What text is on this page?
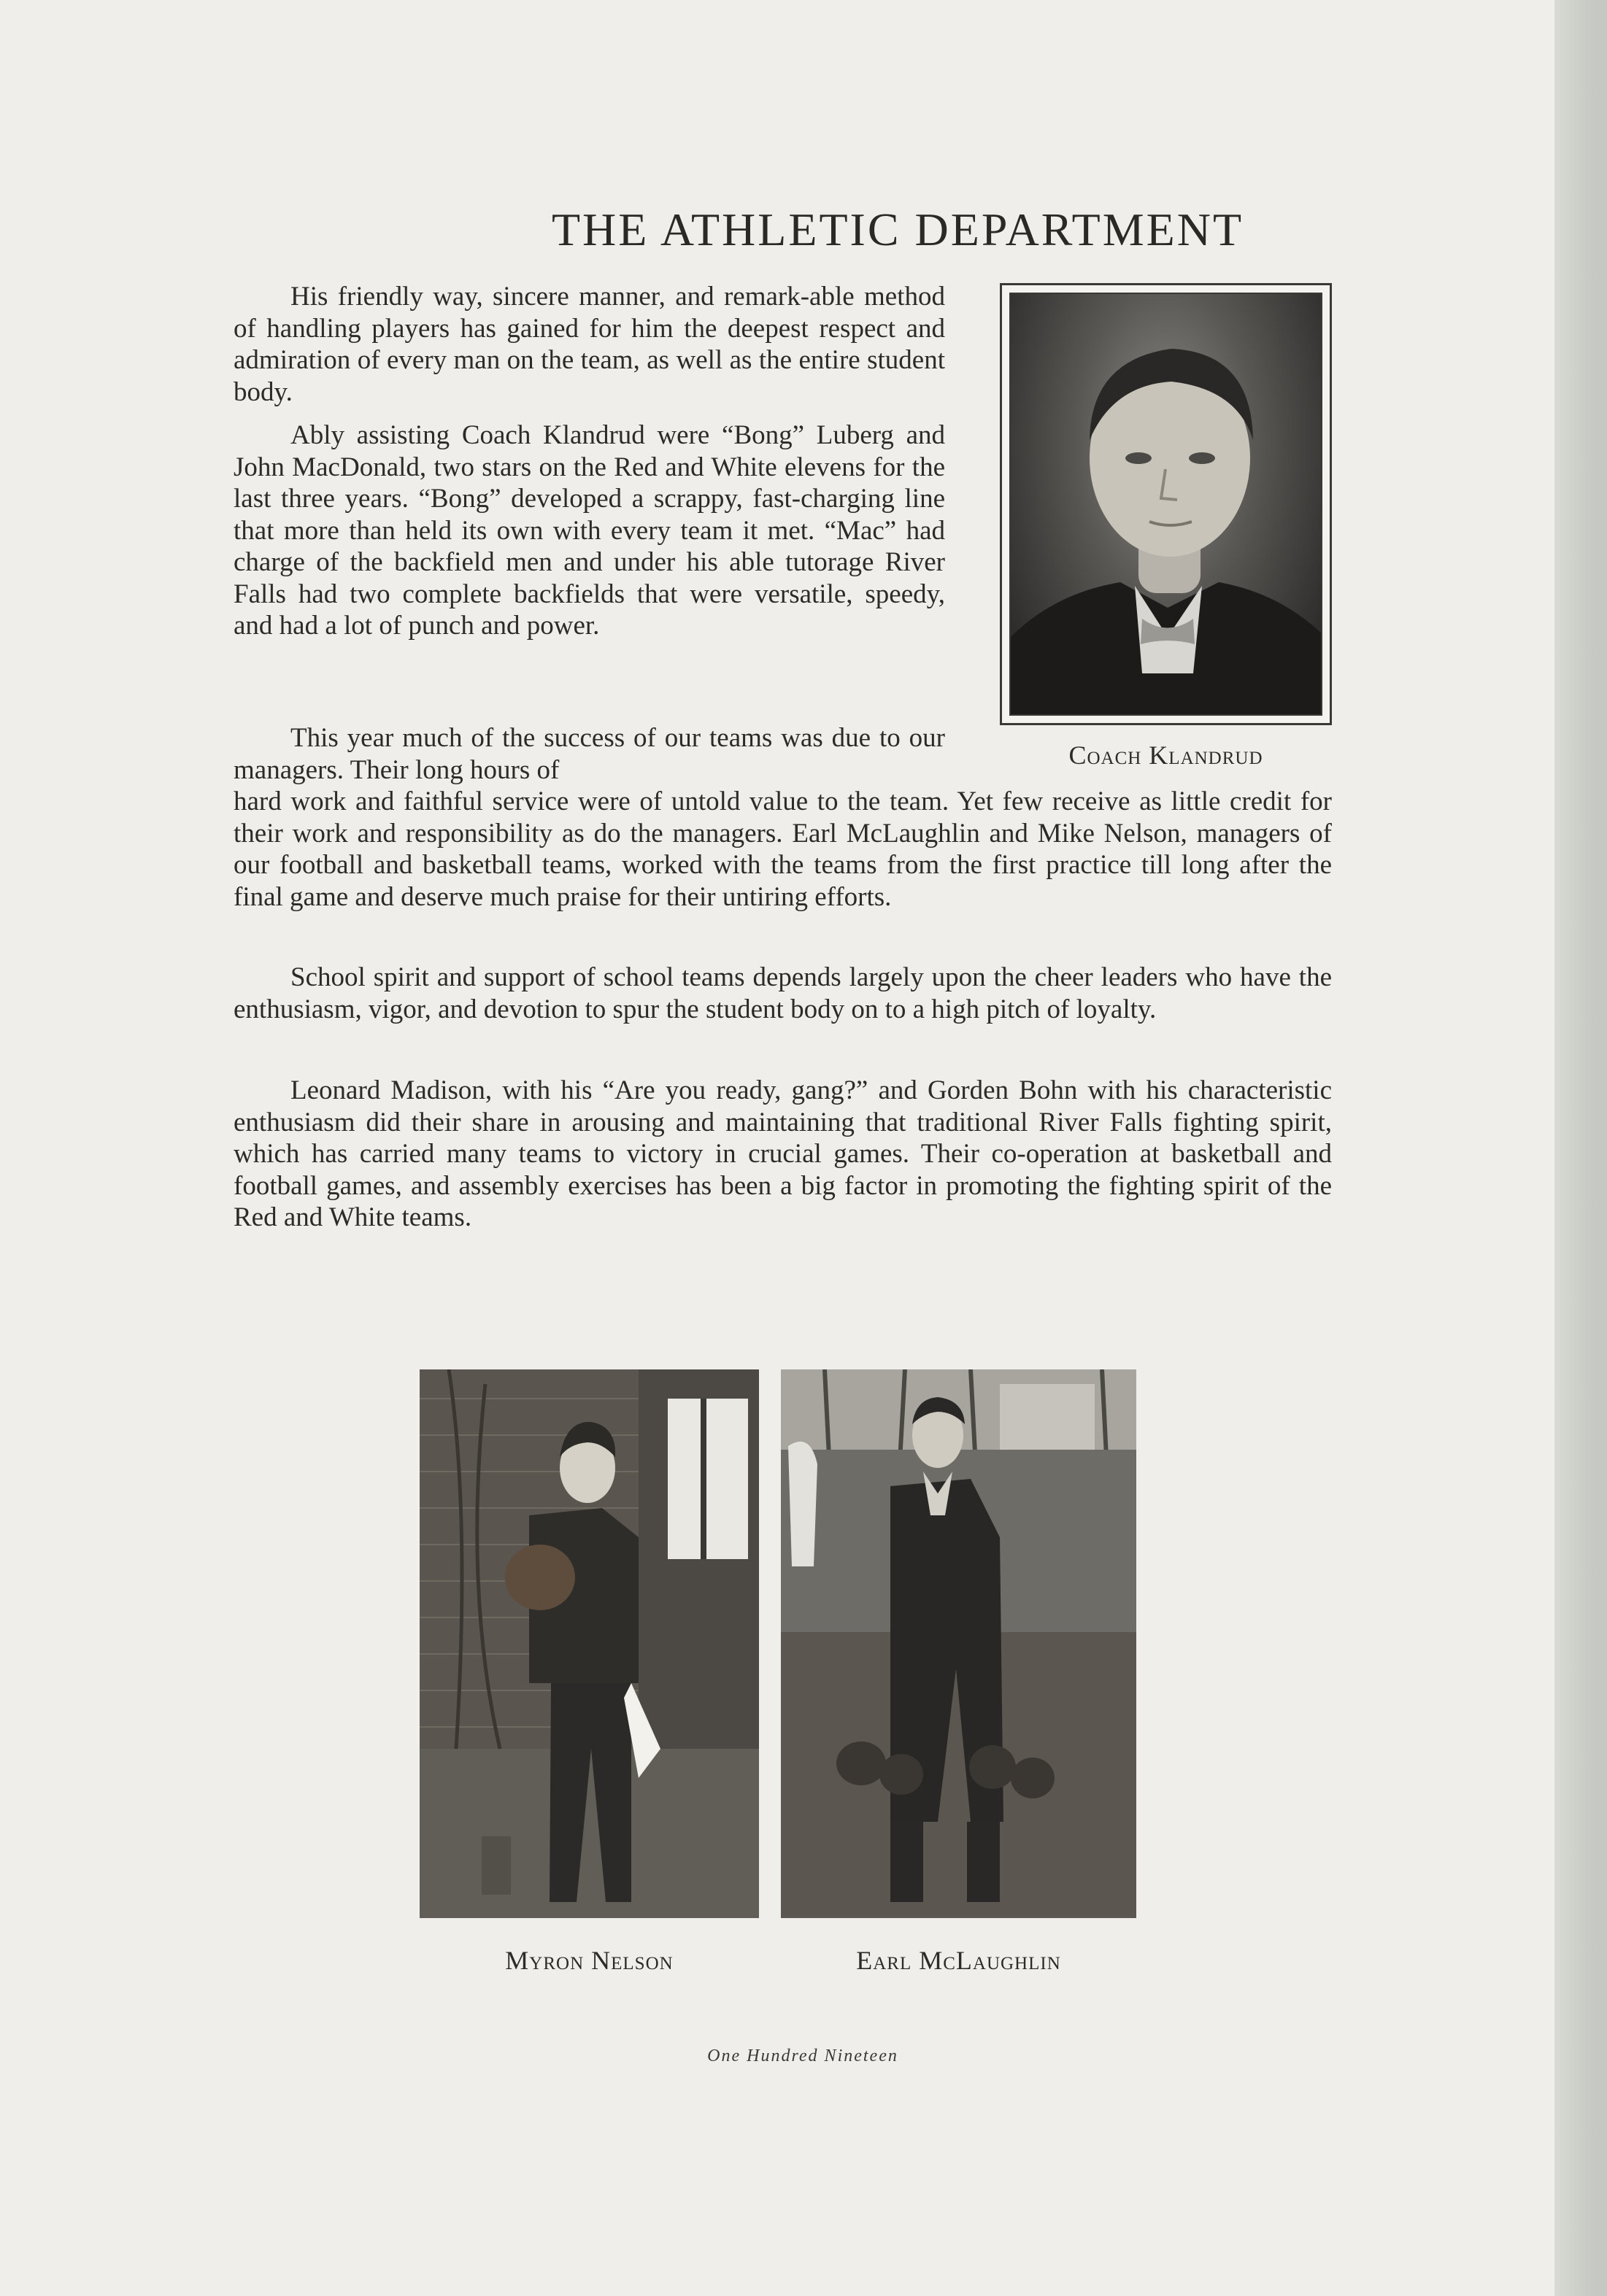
THE ATHLETIC DEPARTMENT

His friendly way, sincere manner, and remark-able method of handling players has gained for him the deepest respect and admiration of every man on the team, as well as the entire student body.

Ably assisting Coach Klandrud were “Bong” Luberg and John MacDonald, two stars on the Red and White elevens for the last three years. “Bong” developed a scrappy, fast-charging line that more than held its own with every team it met. “Mac” had charge of the backfield men and under his able tutorage River Falls had two complete backfields that were versatile, speedy, and had a lot of punch and power.

This year much of the success of our teams was due to our managers. Their long hours of

hard work and faithful service were of untold value to the team. Yet few receive as little credit for their work and responsibility as do the managers. Earl McLaughlin and Mike Nelson, managers of our football and basketball teams, worked with the teams from the first practice till long after the final game and deserve much praise for their untiring efforts.

School spirit and support of school teams depends largely upon the cheer leaders who have the enthusiasm, vigor, and devotion to spur the student body on to a high pitch of loyalty.

Leonard Madison, with his “Are you ready, gang?” and Gorden Bohn with his characteristic enthusiasm did their share in arousing and maintaining that traditional River Falls fighting spirit, which has carried many teams to victory in crucial games. Their co-operation at basketball and football games, and assembly exercises has been a big factor in promoting the fighting spirit of the Red and White teams.

Coach Klandrud

Myron Nelson	Earl McLaughlin

One Hundred Nineteen
